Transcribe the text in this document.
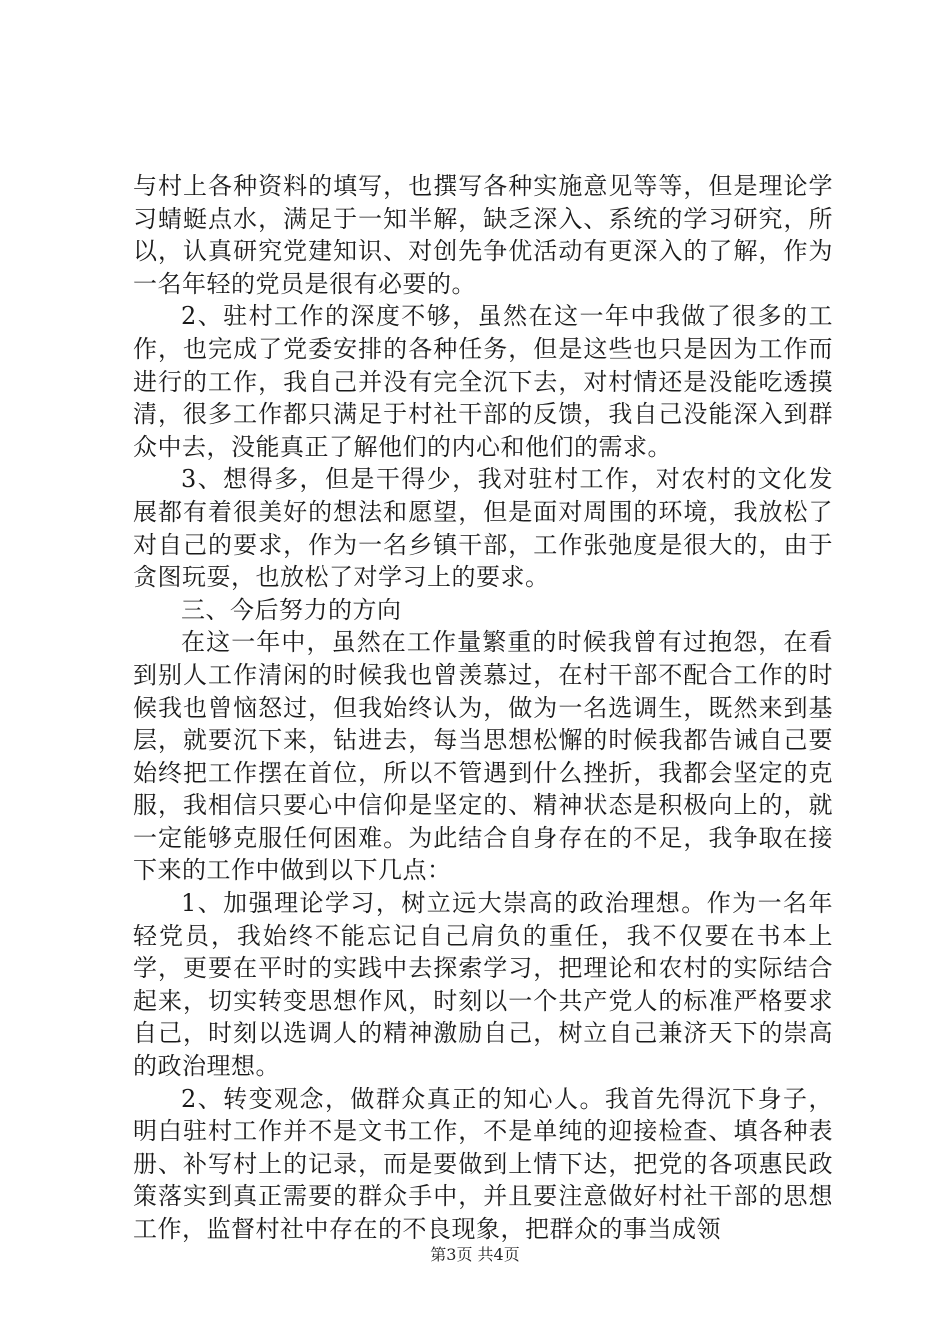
与村上各种资料的填写，也撰写各种实施意见等等，但是理论学习蜻蜓点水，满足于一知半解，缺乏深入、系统的学习研究，所以，认真研究党建知识、对创先争优活动有更深入的了解，作为一名年轻的党员是很有必要的。

2、驻村工作的深度不够，虽然在这一年中我做了很多的工作，也完成了党委安排的各种任务，但是这些也只是因为工作而进行的工作，我自己并没有完全沉下去，对村情还是没能吃透摸清，很多工作都只满足于村社干部的反馈，我自己没能深入到群众中去，没能真正了解他们的内心和他们的需求。

3、想得多，但是干得少，我对驻村工作，对农村的文化发展都有着很美好的想法和愿望，但是面对周围的环境，我放松了对自己的要求，作为一名乡镇干部，工作张弛度是很大的，由于贪图玩耍，也放松了对学习上的要求。

三、今后努力的方向

在这一年中，虽然在工作量繁重的时候我曾有过抱怨，在看到别人工作清闲的时候我也曾羡慕过，在村干部不配合工作的时候我也曾恼怒过，但我始终认为，做为一名选调生，既然来到基层，就要沉下来，钻进去，每当思想松懈的时候我都告诫自己要始终把工作摆在首位，所以不管遇到什么挫折，我都会坚定的克服，我相信只要心中信仰是坚定的、精神状态是积极向上的，就一定能够克服任何困难。为此结合自身存在的不足，我争取在接下来的工作中做到以下几点：

1、加强理论学习，树立远大崇高的政治理想。作为一名年轻党员，我始终不能忘记自己肩负的重任，我不仅要在书本上学，更要在平时的实践中去探索学习，把理论和农村的实际结合起来，切实转变思想作风，时刻以一个共产党人的标准严格要求自己，时刻以选调人的精神激励自己，树立自己兼济天下的崇高的政治理想。

2、转变观念，做群众真正的知心人。我首先得沉下身子，明白驻村工作并不是文书工作，不是单纯的迎接检查、填各种表册、补写村上的记录，而是要做到上情下达，把党的各项惠民政策落实到真正需要的群众手中，并且要注意做好村社干部的思想工作，监督村社中存在的不良现象，把群众的事当成领

第3页 共4页
